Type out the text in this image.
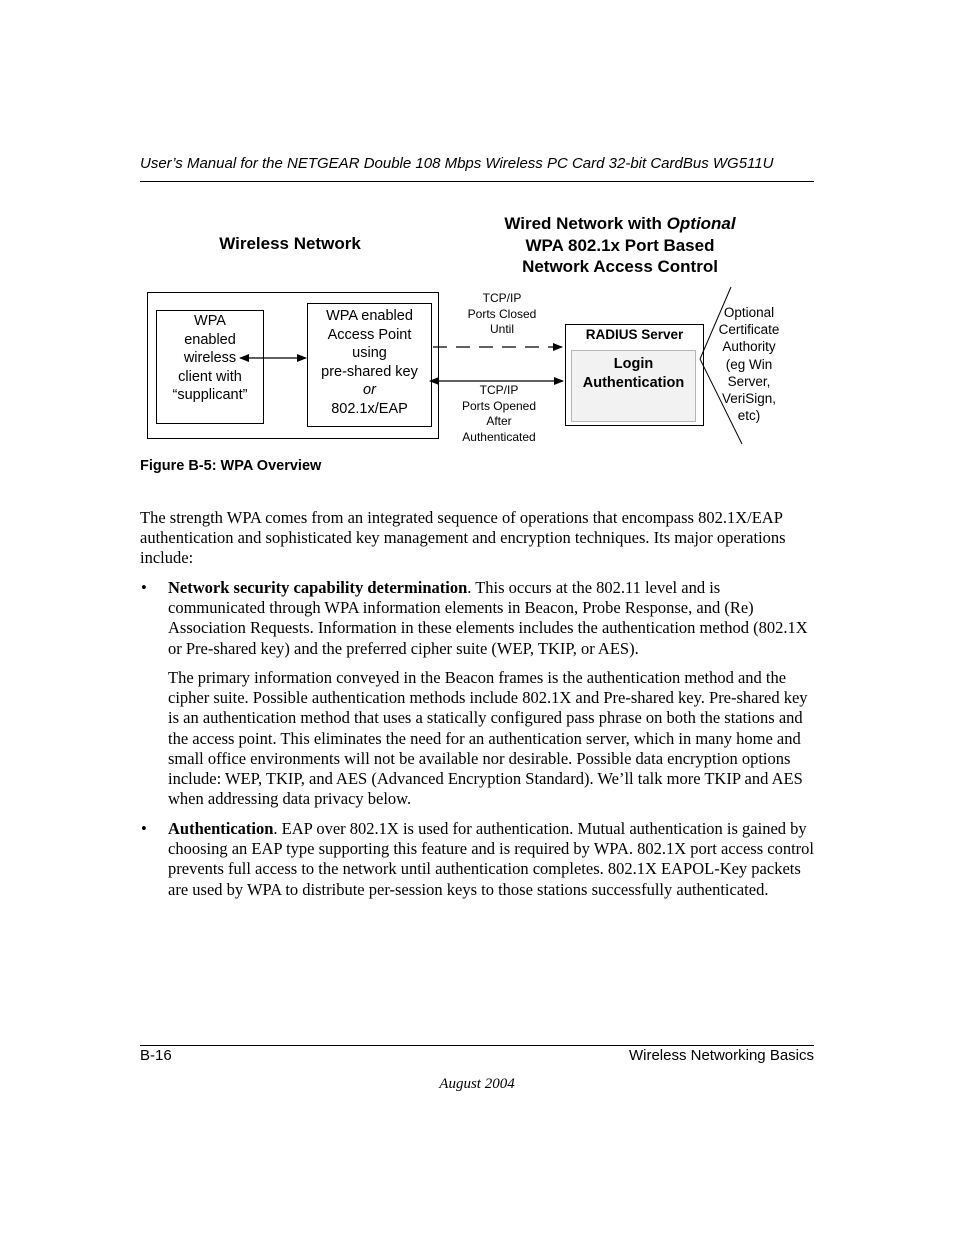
User’s Manual for the NETGEAR Double 108 Mbps Wireless PC Card 32-bit CardBus WG511U
Wireless Network
Wired Network with Optional
WPA 802.1x Port Based
Network Access Control
WPA
enabled
wireless
client with
“supplicant”
WPA enabled
Access Point
using
pre-shared key
or
802.1x/EAP
RADIUS Server
Login
Authentication
TCP/IP
Ports Closed
Until
TCP/IP
Ports Opened
After
Authenticated
Optional
Certificate
Authority
(eg Win
Server,
VeriSign,
etc)
Figure B-5: WPA Overview
The strength WPA comes from an integrated sequence of operations that encompass 802.1X/EAP authentication and sophisticated key management and encryption techniques. Its major operations include:
• Network security capability determination. This occurs at the 802.11 level and is communicated through WPA information elements in Beacon, Probe Response, and (Re) Association Requests. Information in these elements includes the authentication method (802.1X or Pre-shared key) and the preferred cipher suite (WEP, TKIP, or AES).
The primary information conveyed in the Beacon frames is the authentication method and the cipher suite. Possible authentication methods include 802.1X and Pre-shared key. Pre-shared key is an authentication method that uses a statically configured pass phrase on both the stations and the access point. This eliminates the need for an authentication server, which in many home and small office environments will not be available nor desirable. Possible data encryption options include: WEP, TKIP, and AES (Advanced Encryption Standard). We’ll talk more TKIP and AES when addressing data privacy below.
• Authentication. EAP over 802.1X is used for authentication. Mutual authentication is gained by choosing an EAP type supporting this feature and is required by WPA. 802.1X port access control prevents full access to the network until authentication completes. 802.1X EAPOL-Key packets are used by WPA to distribute per-session keys to those stations successfully authenticated.
B-16	Wireless Networking Basics
August 2004
